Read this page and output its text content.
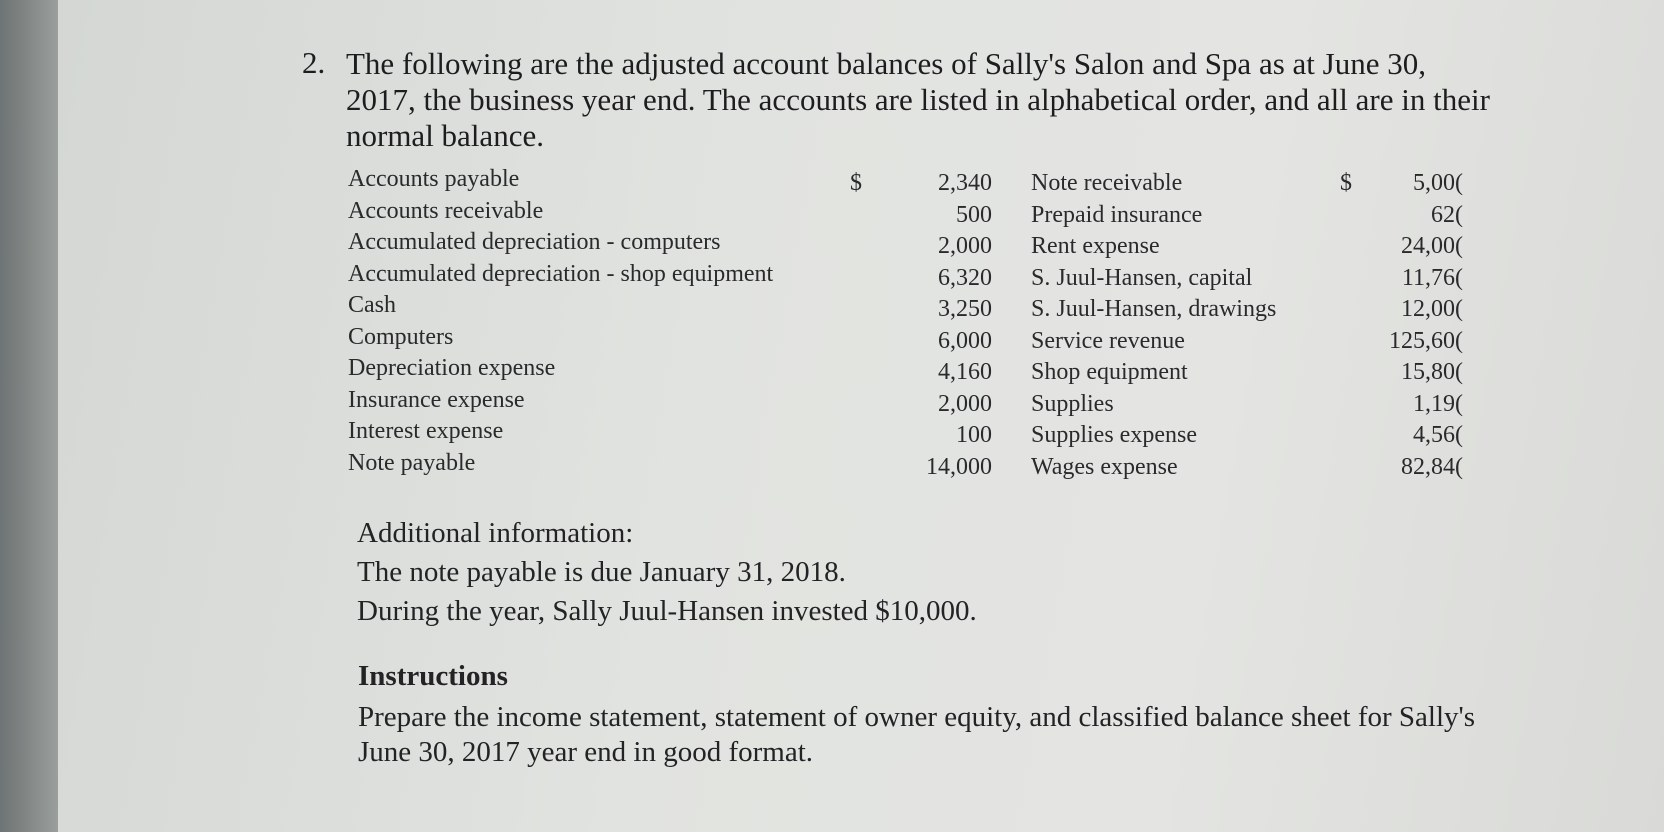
2. The following are the adjusted account balances of Sally's Salon and Spa as at June 30, 2017, the business year end. The accounts are listed in alphabetical order, and all are in their normal balance.
Accounts payable
Accounts receivable
Accumulated depreciation - computers
Accumulated depreciation - shop equipment
Cash
Computers
Depreciation expense
Insurance expense
Interest expense
Note payable
$	2,340
500
2,000
6,320
3,250
6,000
4,160
2,000
100
14,000
Note receivable
Prepaid insurance
Rent expense
S. Juul-Hansen, capital
S. Juul-Hansen, drawings
Service revenue
Shop equipment
Supplies
Supplies expense
Wages expense
$	5,00(
62(
24,00(
11,76(
12,00(
125,60(
15,80(
1,19(
4,56(
82,84(
Additional information:
The note payable is due January 31, 2018.
During the year, Sally Juul-Hansen invested $10,000.
Instructions
Prepare the income statement, statement of owner equity, and classified balance sheet for Sally's June 30, 2017 year end in good format.
